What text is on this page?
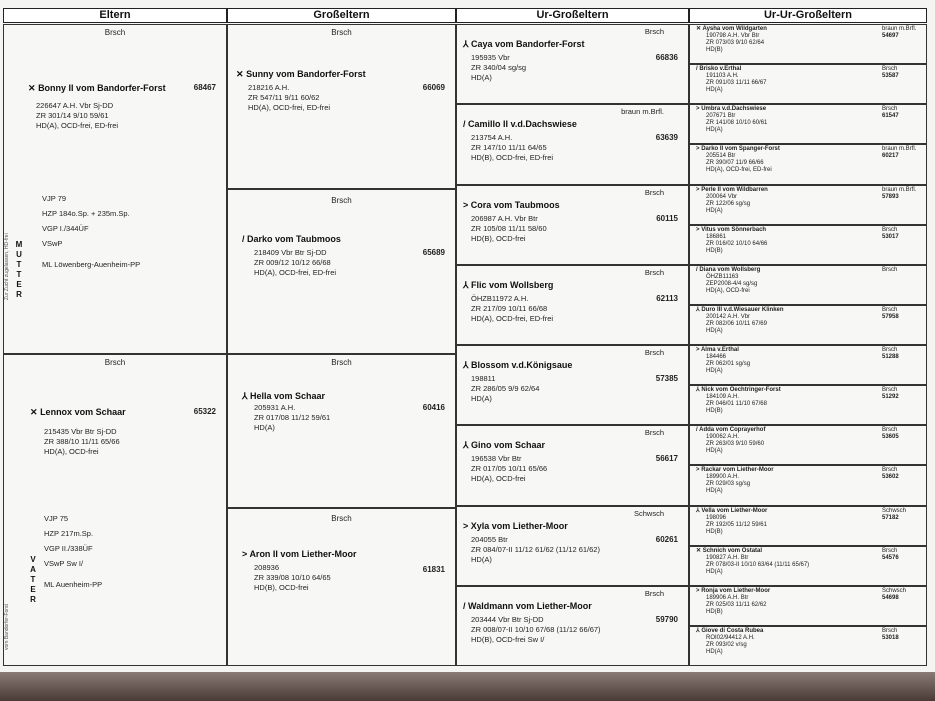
Eltern	Großeltern	Ur-Großeltern	Ur-Ur-Großeltern
Brsch
✕ Bonny II vom Bandorfer-Forst	68467
226647 A.H. Vbr Sj-DD
ZR 301/14 9/10 59/61
HD(A), OCD-frei, ED-frei
VJP 79
HZP 184o.Sp. + 235m.Sp.
VGP I./344ÜF
VSwP
ML Löwenberg-Auenheim-PP
M
U
T
T
E
R
Brsch
✕ Lennox vom Schaar	65322
215435 Vbr Btr Sj-DD
ZR 388/10 11/11 65/66
HD(A), OCD-frei
VJP 75
HZP 217m.Sp.
VGP II./338ÜF
VSwP Sw I/
ML Auenheim-PP
V
A
T
E
R
Brsch
✕ Sunny vom Bandorfer-Forst
66069
218216 A.H.
ZR 547/11 9/11 60/62
HD(A), OCD-frei, ED-frei
Brsch
/ Darko vom Taubmoos
65689
218409 Vbr Btr Sj-DD
ZR 009/12 10/12 66/68
HD(A), OCD-frei, ED-frei
Brsch
⅄ Hella vom Schaar
60416
205931 A.H.
ZR 017/08 11/12 59/61
HD(A)
Brsch
> Aron II vom Liether-Moor
61831
208936
ZR 339/08 10/10 64/65
HD(B), OCD-frei
Brsch
⅄ Caya vom Bandorfer-Forst
66836
195935 Vbr
ZR 340/04 sg/sg
HD(A)
braun m.Brfl.
/ Camillo II v.d.Dachswiese
63639
213754 A.H.
ZR 147/10 11/11 64/65
HD(B), OCD-frei, ED-frei
Brsch
> Cora vom Taubmoos
60115
206987 A.H. Vbr Btr
ZR 105/08 11/11 58/60
HD(B), OCD-frei
Brsch
⅄ Flic vom Wollsberg
62113
ÖHZB11972 A.H.
ZR 217/09 10/11 66/68
HD(A), OCD-frei, ED-frei
Brsch
⅄ Blossom v.d.Königsaue
57385
198811
ZR 286/05 9/9 62/64
HD(A)
Brsch
⅄ Gino vom Schaar
56617
196538 Vbr Btr
ZR 017/05 10/11 65/66
HD(A), OCD-frei
Schwsch
> Xyla vom Liether-Moor
60261
204055 Btr
ZR 084/07-II 11/12 61/62 (11/12 61/62)
HD(A)
Brsch
/ Waldmann vom Liether-Moor
59790
203444 Vbr Btr Sj-DD
ZR 008/07-II 10/10 67/68 (11/12 66/67)
HD(B), OCD-frei Sw I/
✕ Aysha vom Wildgarten	braun m.Brfl.
54697
190798 A.H. Vbr Btr
ZR 073/03 9/10 62/64
HD(B)
/ Brisko v.Erthal	Brsch
53587
191103 A.H.
ZR 091/03 11/11 66/67
HD(A)
> Umbra v.d.Dachswiese	Brsch
61547
207671 Btr
ZR 141/08 10/10 60/61
HD(A)
> Darko II vom Spanger-Forst	braun m.Brfl.
60217
205514 Btr
ZR 390/07 11/9 66/66
HD(A), OCD-frei, ED-frei
> Perle II vom Wildbarren	braun m.Brfl.
57893
200064 Vbr
ZR 122/06 sg/sg
HD(A)
> Vitus vom Sönnerbach	Brsch
53017
186861
ZR 016/02 10/10 64/66
HD(B)
/ Diana vom Wollsberg	Brsch
ÖHZB11163
ZEP2008-4/4 sg/sg
HD(A), OCD-frei
⅄ Duro III v.d.Wiesauer Klinken	Brsch
57958
200142 A.H. Vbr
ZR 082/06 10/11 67/69
HD(A)
> Alma v.Erthal	Brsch
51288
184466
ZR 062/01 sg/sg
HD(A)
⅄ Nick vom Oechtringer-Forst	Brsch
51292
184109 A.H.
ZR 046/01 11/10 67/68
HD(B)
/ Adda vom Coprayerhof	Brsch
53605
190062 A.H.
ZR 263/03 9/10 59/60
HD(A)
> Rackar vom Liether-Moor	Brsch
53602
189900 A.H.
ZR 029/03 sg/sg
HD(A)
⅄ Vella vom Liether-Moor	Schwsch
57182
198096
ZR 192/05 11/12 59/61
HD(B)
✕ Schnich vom Ostatal	Brsch
54576
190827 A.H. Btr
ZR 078/03-II 10/10 63/64 (11/11 65/67)
HD(A)
> Ronja vom Liether-Moor	Schwsch
54698
189906 A.H. Btr
ZR 025/03 11/11 62/62
HD(B)
⅄ Giove di Costa Rubea	Brsch
53018
ROI02/94412 A.H.
ZR 093/02 v/sg
HD(A)
Zur Zucht zugelassen, HD-frei
vom Bandorfer-Forst
